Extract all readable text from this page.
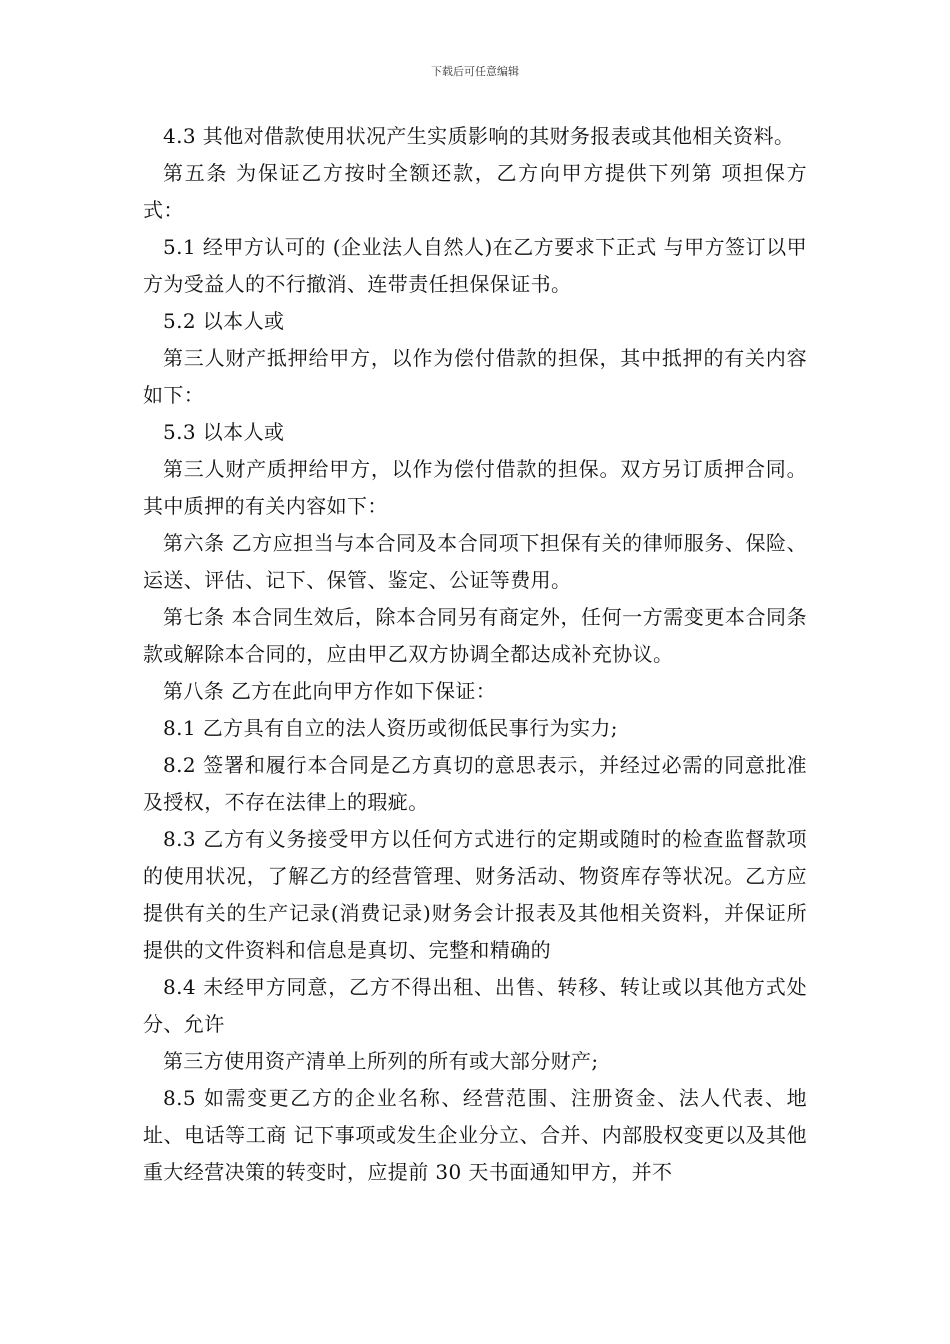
下载后可任意编辑

4.3 其他对借款使用状况产生实质影响的其财务报表或其他相关资料。

第五条 为保证乙方按时全额还款，乙方向甲方提供下列第 项担保方式：

5.1 经甲方认可的 (企业法人自然人)在乙方要求下正式 与甲方签订以甲方为受益人的不行撤消、连带责任担保保证书。

5.2 以本人或

第三人财产抵押给甲方，以作为偿付借款的担保，其中抵押的有关内容如下：

5.3 以本人或

第三人财产质押给甲方，以作为偿付借款的担保。双方另订质押合同。其中质押的有关内容如下：

第六条 乙方应担当与本合同及本合同项下担保有关的律师服务、保险、运送、评估、记下、保管、鉴定、公证等费用。

第七条 本合同生效后，除本合同另有商定外，任何一方需变更本合同条款或解除本合同的，应由甲乙双方协调全都达成补充协议。

第八条 乙方在此向甲方作如下保证：

8.1 乙方具有自立的法人资历或彻低民事行为实力;

8.2 签署和履行本合同是乙方真切的意思表示，并经过必需的同意批准及授权，不存在法律上的瑕疵。

8.3 乙方有义务接受甲方以任何方式进行的定期或随时的检查监督款项的使用状况，了解乙方的经营管理、财务活动、物资库存等状况。乙方应提供有关的生产记录(消费记录)财务会计报表及其他相关资料，并保证所提供的文件资料和信息是真切、完整和精确的

8.4 未经甲方同意，乙方不得出租、出售、转移、转让或以其他方式处分、允许

第三方使用资产清单上所列的所有或大部分财产;

8.5 如需变更乙方的企业名称、经营范围、注册资金、法人代表、地址、电话等工商 记下事项或发生企业分立、合并、内部股权变更以及其他重大经营决策的转变时，应提前 30 天书面通知甲方，并不
